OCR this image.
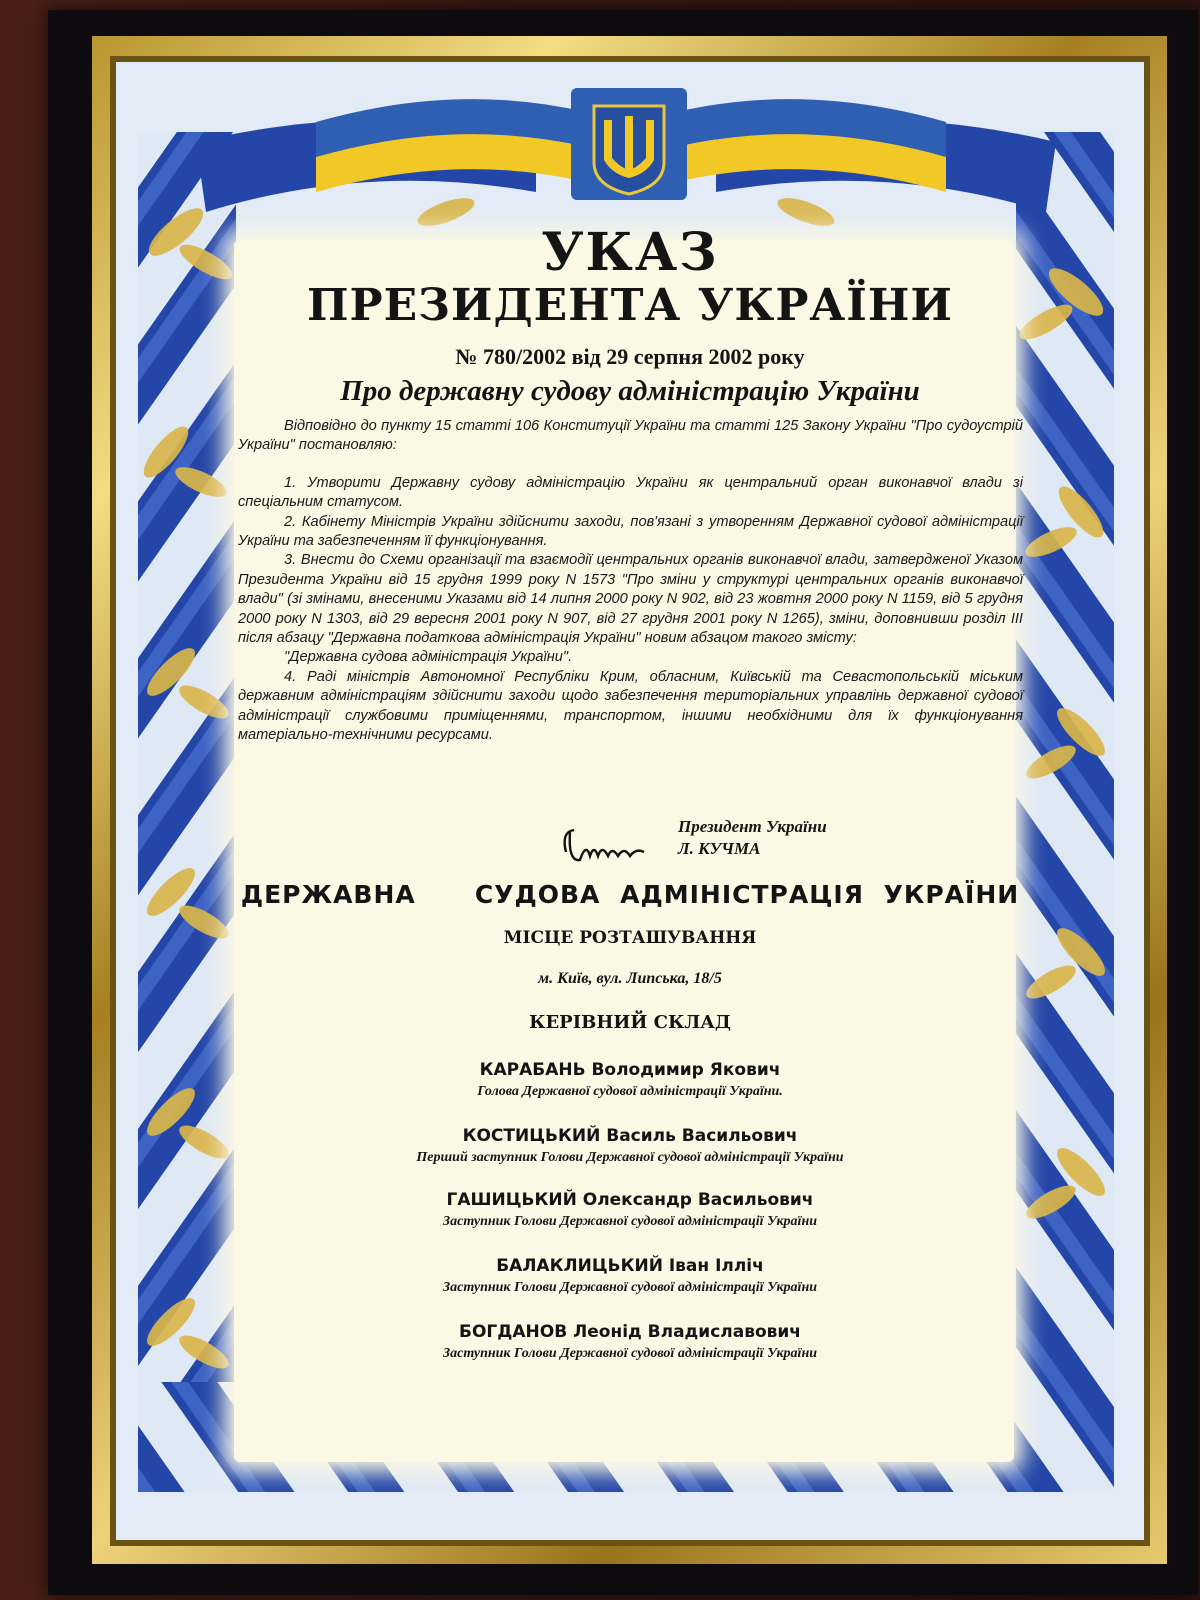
УКАЗ
ПРЕЗИДЕНТА УКРАЇНИ
№ 780/2002 від 29 серпня 2002 року
Про державну судову адміністрацію України

Відповідно до пункту 15 статті 106 Конституції України та статті 125 Закону України "Про судоустрій України" постановляю:

1. Утворити Державну судову адміністрацію України як центральний орган виконавчої влади зі спеціальним статусом.

2. Кабінету Міністрів України здійснити заходи, пов'язані з утворенням Державної судової адміністрації України та забезпеченням її функціонування.

3. Внести до Схеми організації та взаємодії центральних органів виконавчої влади, затвердженої Указом Президента України від 15 грудня 1999 року N 1573 "Про зміни у структурі центральних органів виконавчої влади" (зі змінами, внесеними Указами від 14 липня 2000 року N 902, від 23 жовтня 2000 року N 1159, від 5 грудня 2000 року N 1303, від 29 вересня 2001 року N 907, від 27 грудня 2001 року N 1265), зміни, доповнивши розділ III після абзацу "Державна податкова адміністрація України" новим абзацом такого змісту:

"Державна судова адміністрація України".

4. Раді міністрів Автономної Республіки Крим, обласним, Київській та Севастопольській міським державним адміністраціям здійснити заходи щодо забезпечення територіальних управлінь державної судової адміністрації службовими приміщеннями, транспортом, іншими необхідними для їх функціонування матеріально-технічними ресурсами.

Президент України
Л. КУЧМА
ДЕРЖАВНА   СУДОВА АДМІНІСТРАЦІЯ УКРАЇНИ
МІСЦЕ РОЗТАШУВАННЯ
м. Київ, вул. Липська, 18/5
КЕРІВНИЙ СКЛАД
КАРАБАНЬ Володимир Якович
Голова Державної судової адміністрації України.
КОСТИЦЬКИЙ Василь Васильович
Перший заступник Голови Державної судової адміністрації України
ГАШИЦЬКИЙ Олександр Васильович
Заступник Голови Державної судової адміністрації України
БАЛАКЛИЦЬКИЙ Іван Ілліч
Заступник Голови Державної судової адміністрації України
БОГДАНОВ Леонід Владиславович
Заступник Голови Державної судової адміністрації України
